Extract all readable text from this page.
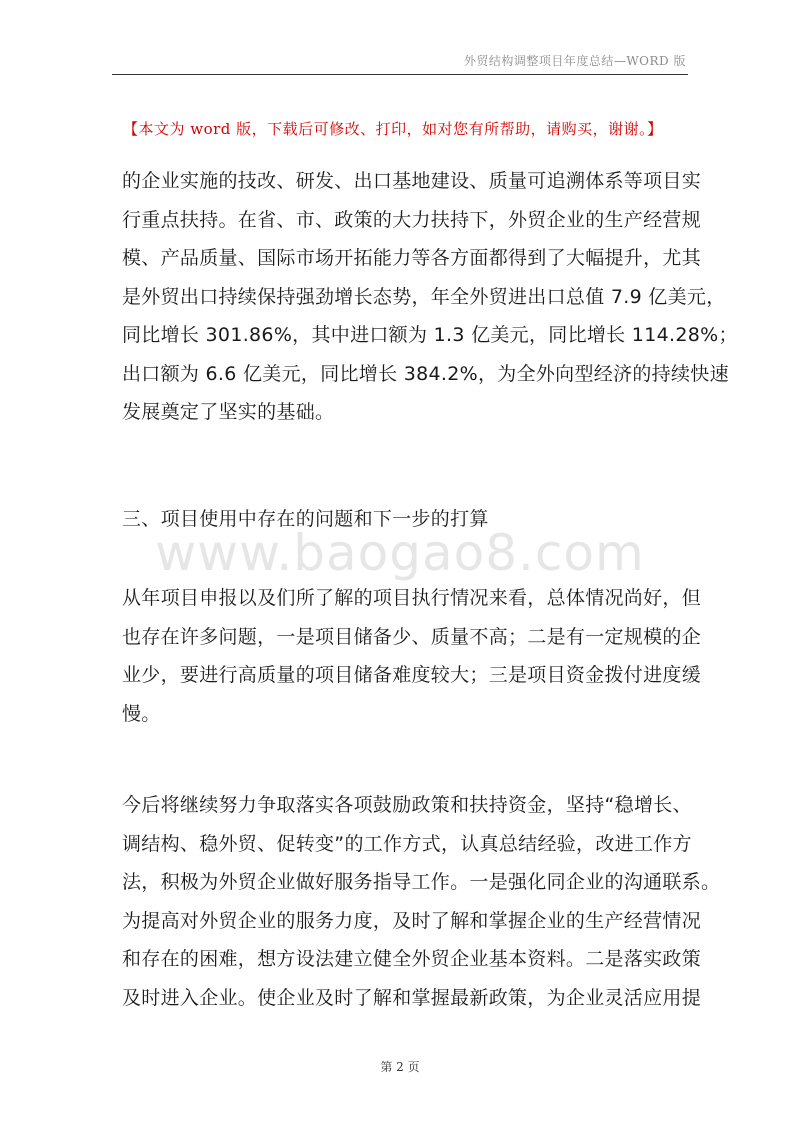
外贸结构调整项目年度总结—WORD 版
【本文为 word 版，下载后可修改、打印，如对您有所帮助，请购买，谢谢。】

的企业实施的技改、研发、出口基地建设、质量可追溯体系等项目实
行重点扶持。在省、市、政策的大力扶持下，外贸企业的生产经营规
模、产品质量、国际市场开拓能力等各方面都得到了大幅提升，尤其
是外贸出口持续保持强劲增长态势，年全外贸进出口总值 7.9 亿美元，
同比增长 301.86%，其中进口额为 1.3 亿美元，同比增长 114.28%；
出口额为 6.6 亿美元，同比增长 384.2%，为全外向型经济的持续快速
发展奠定了坚实的基础。

三、项目使用中存在的问题和下一步的打算
www.baogao8.com

从年项目申报以及们所了解的项目执行情况来看，总体情况尚好，但
也存在许多问题，一是项目储备少、质量不高；二是有一定规模的企
业少，要进行高质量的项目储备难度较大；三是项目资金拨付进度缓
慢。

今后将继续努力争取落实各项鼓励政策和扶持资金，坚持“稳增长、
调结构、稳外贸、促转变”的工作方式，认真总结经验，改进工作方
法，积极为外贸企业做好服务指导工作。一是强化同企业的沟通联系。
为提高对外贸企业的服务力度，及时了解和掌握企业的生产经营情况
和存在的困难，想方设法建立健全外贸企业基本资料。二是落实政策
及时进入企业。使企业及时了解和掌握最新政策，为企业灵活应用提

第 2 页
